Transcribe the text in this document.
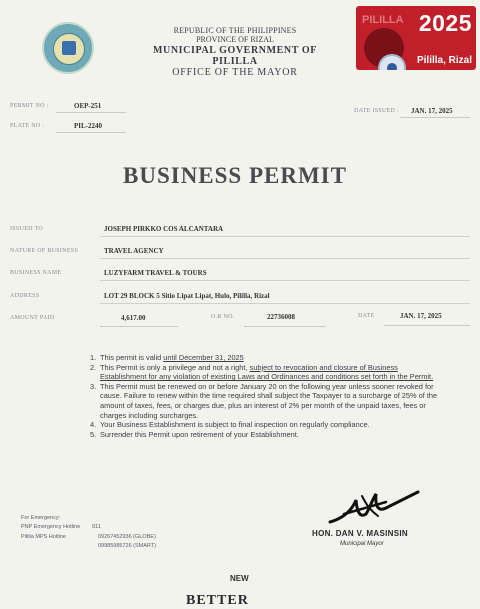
REPUBLIC OF THE PHILIPPINES
PROVINCE OF RIZAL
MUNICIPAL GOVERNMENT OF PILILLA
OFFICE OF THE MAYOR
PILILLA 2025
Pililla, Rizal
PERMIT NO :	OEP-251
PLATE NO :	PIL-2240
DATE ISSUED : JAN. 17, 2025
BUSINESS PERMIT
ISSUED TO	JOSEPH PIRKKO COS ALCANTARA
NATURE OF BUSINESS	TRAVEL AGENCY
BUSINESS NAME	LUZYFARM TRAVEL & TOURS
ADDRESS	LOT 29 BLOCK 5 Sitio Lipat Lipat, Hulo, Pililla, Rizal
AMOUNT PAID	4,617.00	O.R NO.	22736008	DATE	JAN. 17, 2025
1. This permit is valid until December 31, 2025
2. This Permit is only a privilege and not a right, subject to revocation and closure of Business Establishment for any violation of existing Laws and Ordinances and conditions set forth in the Permit.
3. This Permit must be renewed on or before January 20 on the following year unless sooner revoked for cause. Failure to renew within the time required shall subject the Taxpayer to a surcharge of 25% of the amount of taxes, fees, or charges due, plus an interest of 2% per month of the unpaid taxes, fees or charges including surcharges.
4. Your Business Establishment is subject to final inspection on regularly compliance.
5. Surrender this Permit upon retirement of your Establishment.
For Emergency:
PNP Emergency Hotline 911
Pililla MPS Hotline	09267452936 (GLOBE)
09985985726 (SMART)
HON. DAN V. MASINSIN
Municipal Mayor
NEW
BETTER
